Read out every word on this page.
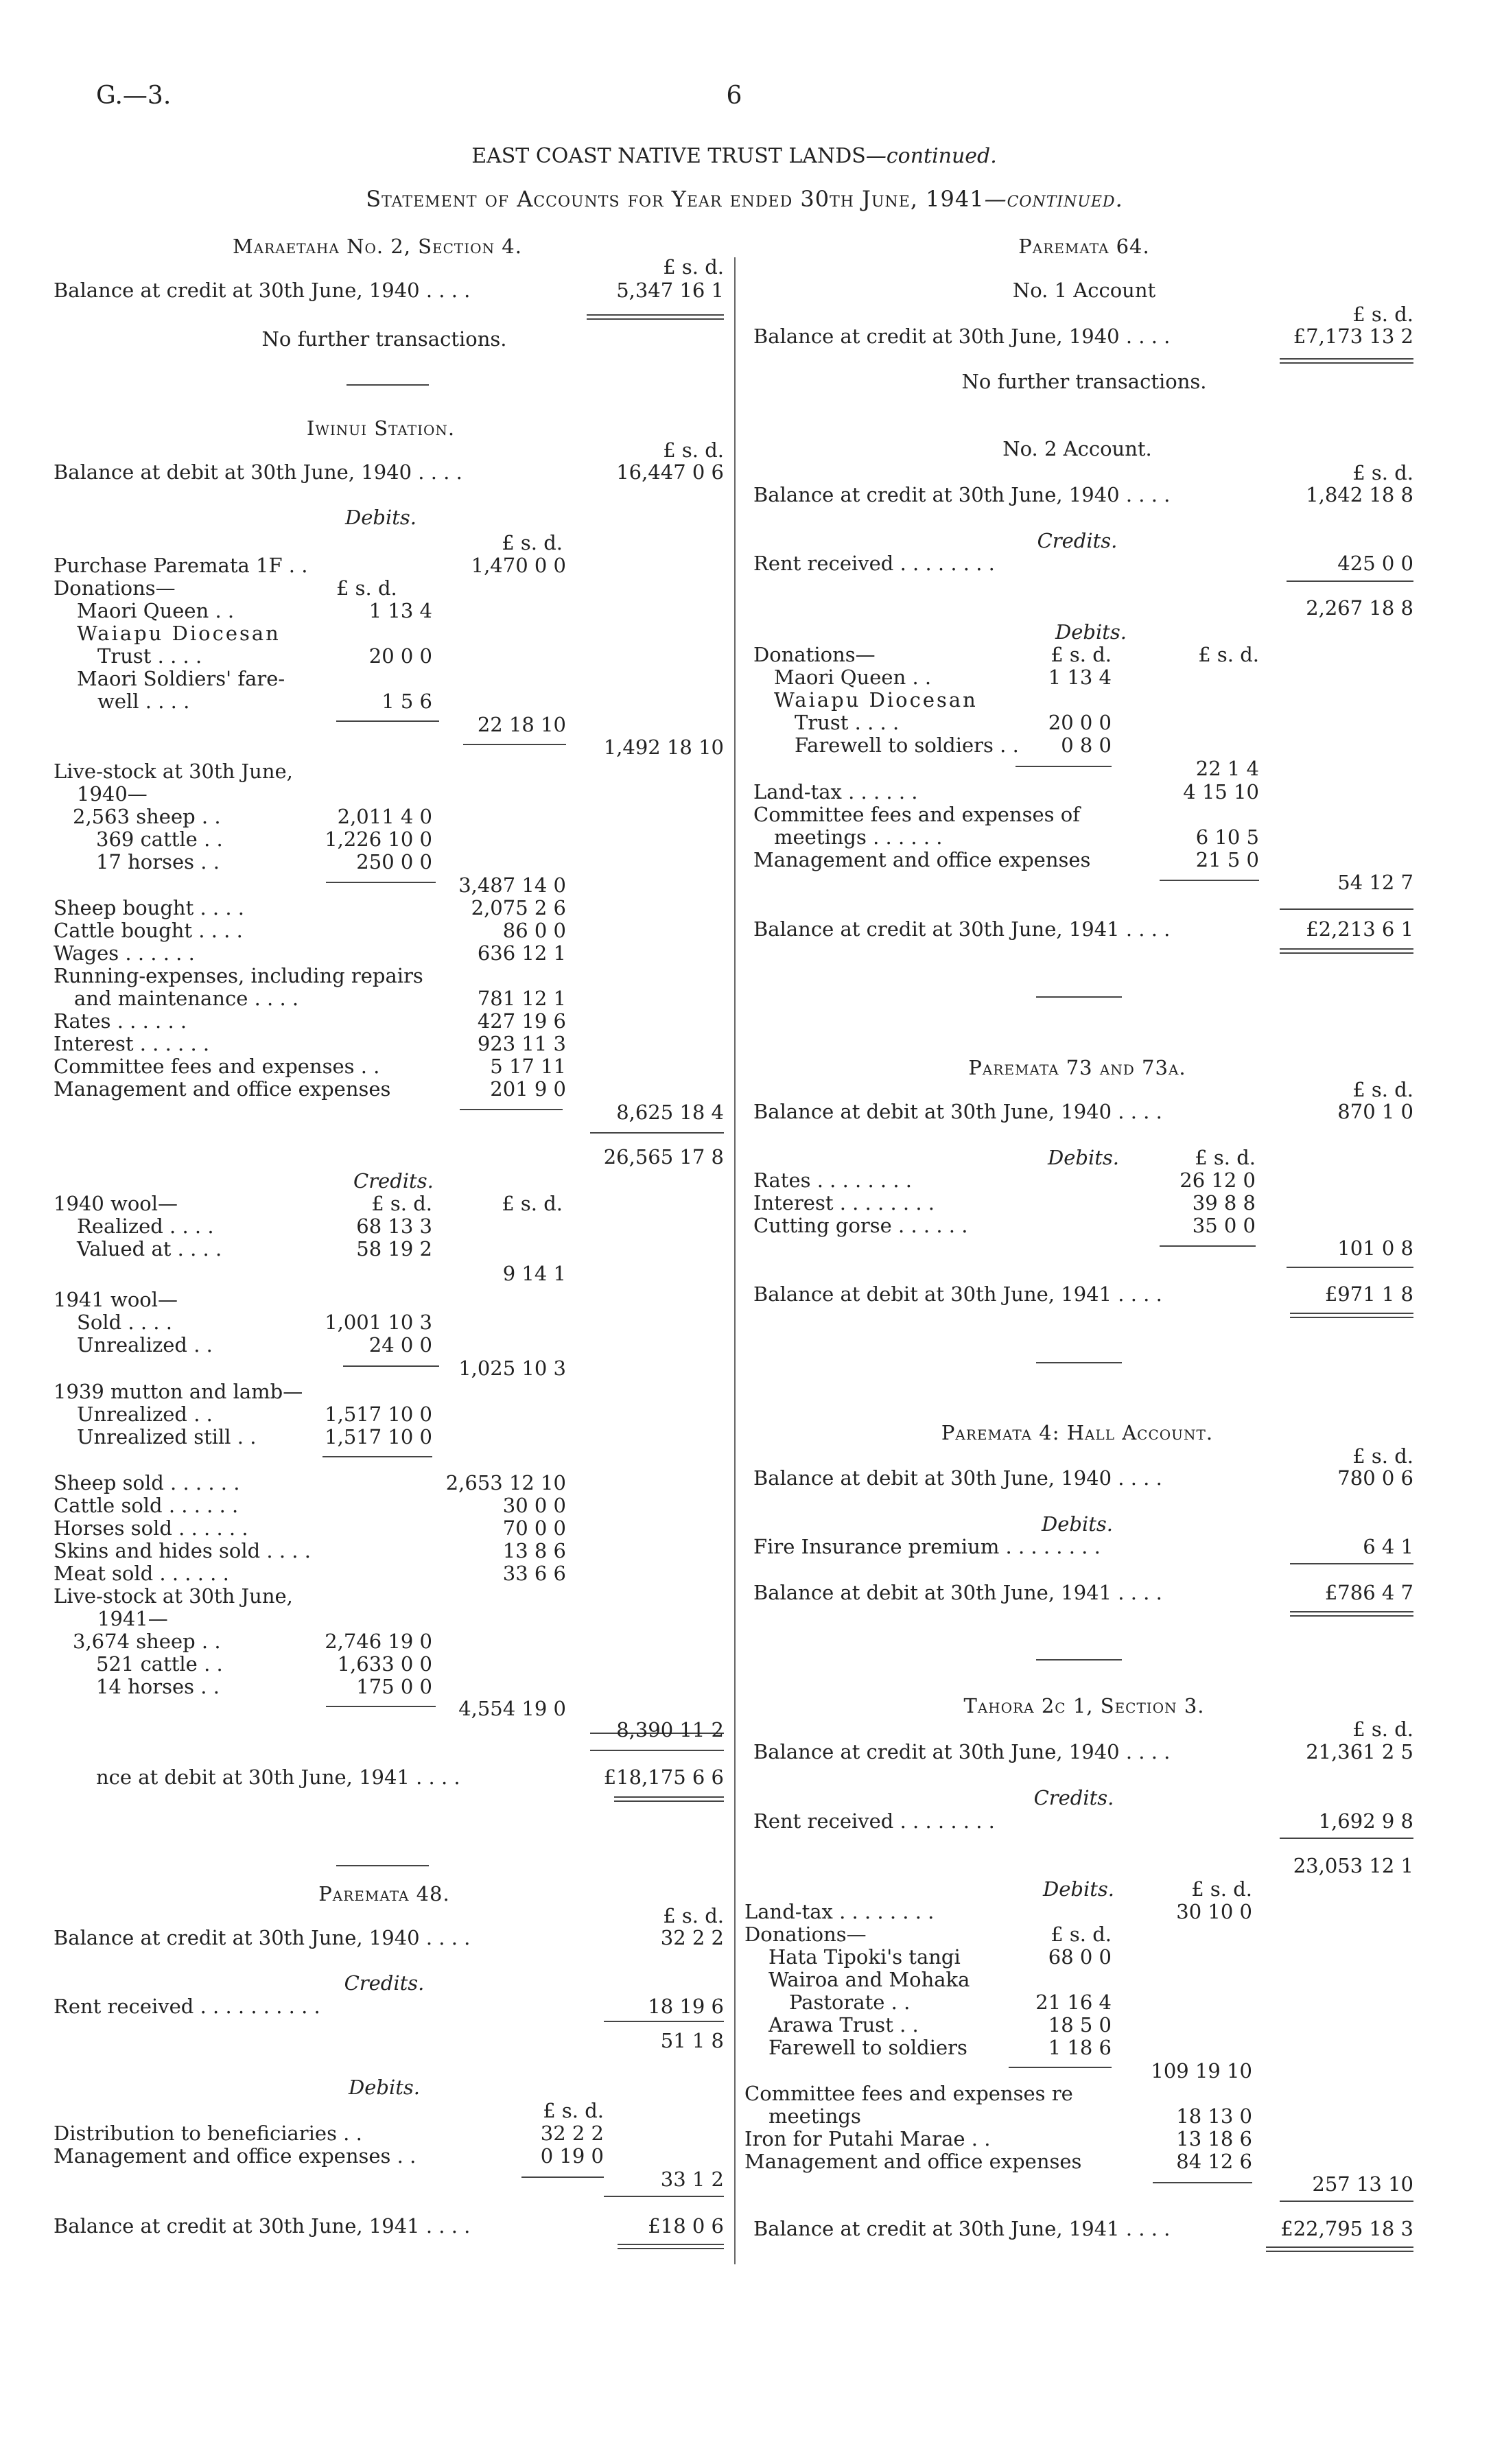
G.—3.	6
EAST COAST NATIVE TRUST LANDS—continued.
Statement of Accounts for Year ended 30th June, 1941—continued.
Maraetaha No. 2, Section 4.
£ s. d.
Balance at credit at 30th June, 1940 . . . .	5,347 16 1
No further transactions.
Iwinui Station.
£ s. d.
Balance at debit at 30th June, 1940 . . . .	16,447 0 6
Debits.
£ s. d.
Purchase Paremata 1F . .	1,470 0 0
Donations—	£ s. d.
Maori Queen . .	1 13 4
Waiapu Diocesan
Trust . . . .	20 0 0
Maori Soldiers' fare-
well . . . .	1 5 6
22 18 10
1,492 18 10
Live-stock at 30th June,
1940—
2,563 sheep . .	2,011 4 0
369 cattle . .	1,226 10 0
17 horses . .	250 0 0
3,487 14 0
Sheep bought . . . .	2,075 2 6
Cattle bought . . . .	86 0 0
Wages . . . . . .	636 12 1
Running-expenses, including repairs
and maintenance . . . .	781 12 1
Rates . . . . . .	427 19 6
Interest . . . . . .	923 11 3
Committee fees and expenses . .	5 17 11
Management and office expenses	201 9 0
8,625 18 4
26,565 17 8
Credits.
1940 wool—	£ s. d.	£ s. d.
Realized . . . .	68 13 3
Valued at . . . .	58 19 2
9 14 1
1941 wool—
Sold . . . .	1,001 10 3
Unrealized . .	24 0 0
1,025 10 3
1939 mutton and lamb—
Unrealized . .	1,517 10 0
Unrealized still . .	1,517 10 0
Sheep sold . . . . . .	2,653 12 10
Cattle sold . . . . . .	30 0 0
Horses sold . . . . . .	70 0 0
Skins and hides sold . . . .	13 8 6
Meat sold . . . . . .	33 6 6
Live-stock at 30th June,
1941—
3,674 sheep . .	2,746 19 0
521 cattle . .	1,633 0 0
14 horses . .	175 0 0
4,554 19 0
8,390 11 2
nce at debit at 30th June, 1941 . . . .	£18,175 6 6
Paremata 48.
£ s. d.
Balance at credit at 30th June, 1940 . . . .	32 2 2
Credits.
Rent received . . . . . . . . . .	18 19 6
51 1 8
Debits.
£ s. d.
Distribution to beneficiaries . .	32 2 2
Management and office expenses . .	0 19 0
33 1 2
Balance at credit at 30th June, 1941 . . . .	£18 0 6
Paremata 64.
No. 1 Account
£ s. d.
Balance at credit at 30th June, 1940 . . . .	£7,173 13 2
No further transactions.
No. 2 Account.
£ s. d.
Balance at credit at 30th June, 1940 . . . .	1,842 18 8
Credits.
Rent received . . . . . . . .	425 0 0
2,267 18 8
Debits.
Donations—	£ s. d.	£ s. d.
Maori Queen . .	1 13 4
Waiapu Diocesan
Trust . . . .	20 0 0
Farewell to soldiers . .	0 8 0
22 1 4
Land-tax . . . . . .	4 15 10
Committee fees and expenses of
meetings . . . . . .	6 10 5
Management and office expenses	21 5 0
54 12 7
Balance at credit at 30th June, 1941 . . . .	£2,213 6 1
Paremata 73 and 73a.
£ s. d.
Balance at debit at 30th June, 1940 . . . .	870 1 0
Debits.	£ s. d.
Rates . . . . . . . .	26 12 0
Interest . . . . . . . .	39 8 8
Cutting gorse . . . . . .	35 0 0
101 0 8
Balance at debit at 30th June, 1941 . . . .	£971 1 8
Paremata 4: Hall Account.
£ s. d.
Balance at debit at 30th June, 1940 . . . .	780 0 6
Debits.
Fire Insurance premium . . . . . . . .	6 4 1
Balance at debit at 30th June, 1941 . . . .	£786 4 7
Tahora 2c 1, Section 3.
£ s. d.
Balance at credit at 30th June, 1940 . . . .	21,361 2 5
Credits.
Rent received . . . . . . . .	1,692 9 8
23,053 12 1
Debits.	£ s. d.
Land-tax . . . . . . . .	30 10 0
Donations—	£ s. d.
Hata Tipoki's tangi	68 0 0
Wairoa and Mohaka
Pastorate . .	21 16 4
Arawa Trust . .	18 5 0
Farewell to soldiers	1 18 6
109 19 10
Committee fees and expenses re
meetings	18 13 0
Iron for Putahi Marae . .	13 18 6
Management and office expenses	84 12 6
257 13 10
Balance at credit at 30th June, 1941 . . . .	£22,795 18 3
